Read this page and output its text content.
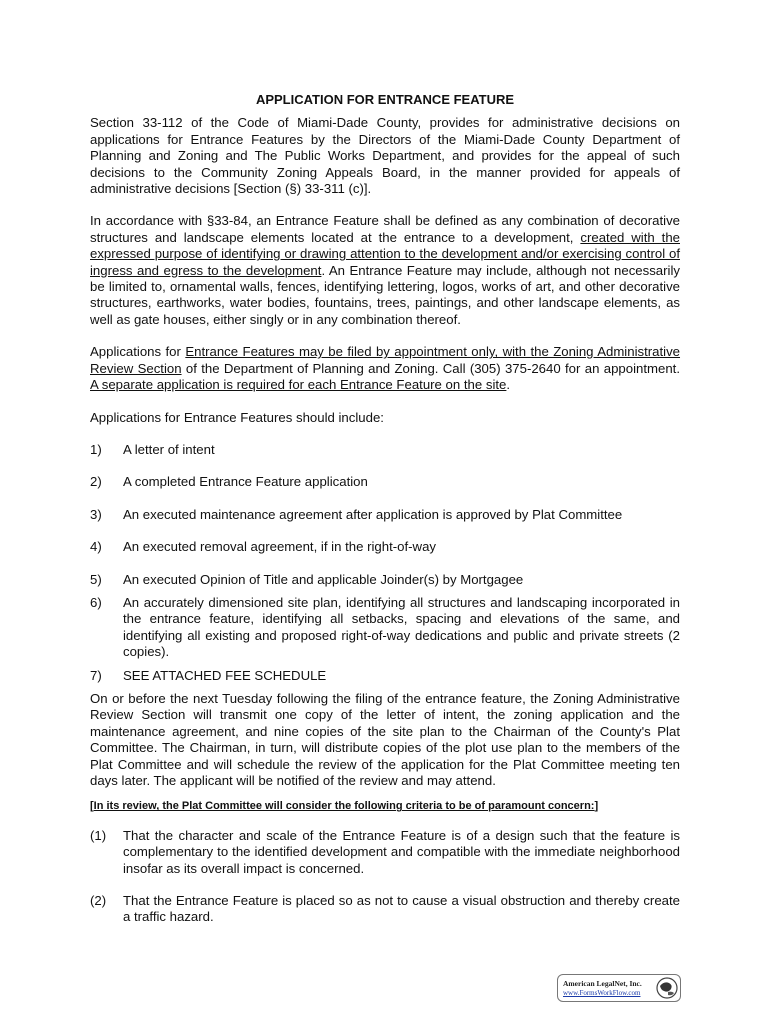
APPLICATION FOR ENTRANCE FEATURE

Section 33-112 of the Code of Miami-Dade County, provides for administrative decisions on applications for Entrance Features by the Directors of the Miami-Dade County Department of Planning and Zoning and The Public Works Department, and provides for the appeal of such decisions to the Community Zoning Appeals Board, in the manner provided for appeals of administrative decisions [Section (§) 33-311 (c)].

In accordance with §33-84, an Entrance Feature shall be defined as any combination of decorative structures and landscape elements located at the entrance to a development, created with the expressed purpose of identifying or drawing attention to the development and/or exercising control of ingress and egress to the development. An Entrance Feature may include, although not necessarily be limited to, ornamental walls, fences, identifying lettering, logos, works of art, and other decorative structures, earthworks, water bodies, fountains, trees, paintings, and other landscape elements, as well as gate houses, either singly or in any combination thereof.

Applications for Entrance Features may be filed by appointment only, with the Zoning Administrative Review Section of the Department of Planning and Zoning. Call (305) 375-2640 for an appointment. A separate application is required for each Entrance Feature on the site.

Applications for Entrance Features should include:

1)	A letter of intent
2)	A completed Entrance Feature application
3)	An executed maintenance agreement after application is approved by Plat Committee
4)	An executed removal agreement, if in the right-of-way
5)	An executed Opinion of Title and applicable Joinder(s) by Mortgagee
6)	An accurately dimensioned site plan, identifying all structures and landscaping incorporated in the entrance feature, identifying all setbacks, spacing and elevations of the same, and identifying all existing and proposed right-of-way dedications and public and private streets (2 copies).
7)	SEE ATTACHED FEE SCHEDULE

On or before the next Tuesday following the filing of the entrance feature, the Zoning Administrative Review Section will transmit one copy of the letter of intent, the zoning application and the maintenance agreement, and nine copies of the site plan to the Chairman of the County's Plat Committee. The Chairman, in turn, will distribute copies of the plot use plan to the members of the Plat Committee and will schedule the review of the application for the Plat Committee meeting ten days later. The applicant will be notified of the review and may attend.

[In its review, the Plat Committee will consider the following criteria to be of paramount concern:]
(1)	That the character and scale of the Entrance Feature is of a design such that the feature is complementary to the identified development and compatible with the immediate neighborhood insofar as its overall impact is concerned.
(2)	That the Entrance Feature is placed so as not to cause a visual obstruction and thereby create a traffic hazard.
American LegalNet, Inc.
www.FormsWorkFlow.com
